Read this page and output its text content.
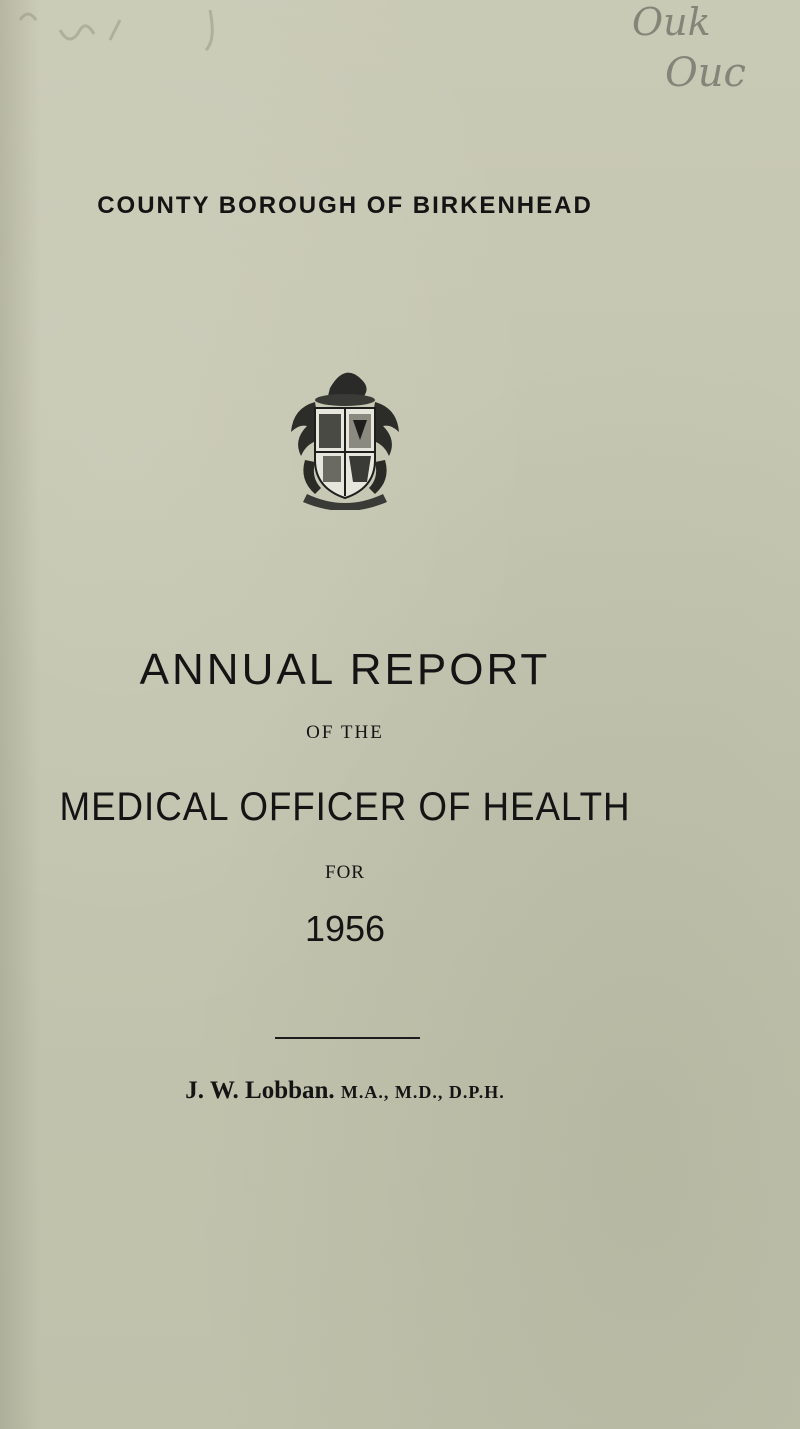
Ouk
Ouc

COUNTY BOROUGH OF BIRKENHEAD

ANNUAL REPORT

OF THE

MEDICAL OFFICER OF HEALTH

FOR

1956

J. W. Lobban. M.A., M.D., D.P.H.
